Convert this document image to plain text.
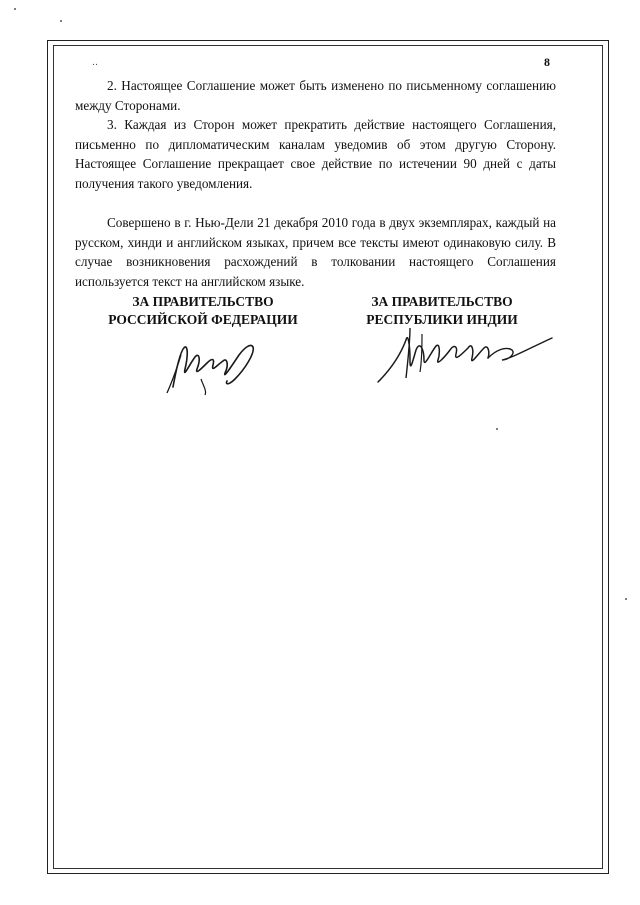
‥	8

2. Настоящее Соглашение может быть изменено по письменному соглашению между Сторонами.

3. Каждая из Сторон может прекратить действие настоящего Соглашения, письменно по дипломатическим каналам уведомив об этом другую Сторону. Настоящее Соглашение прекращает свое действие по истечении 90 дней с даты получения такого уведомления.

Совершено в г. Нью-Дели 21 декабря 2010 года в двух экземплярах, каждый на русском, хинди и английском языках, причем все тексты имеют одинаковую силу. В случае возникновения расхождений в толковании настоящего Соглашения используется текст на английском языке.

ЗА ПРАВИТЕЛЬСТВО
РОССИЙСКОЙ ФЕДЕРАЦИИ
ЗА ПРАВИТЕЛЬСТВО
РЕСПУБЛИКИ ИНДИИ
